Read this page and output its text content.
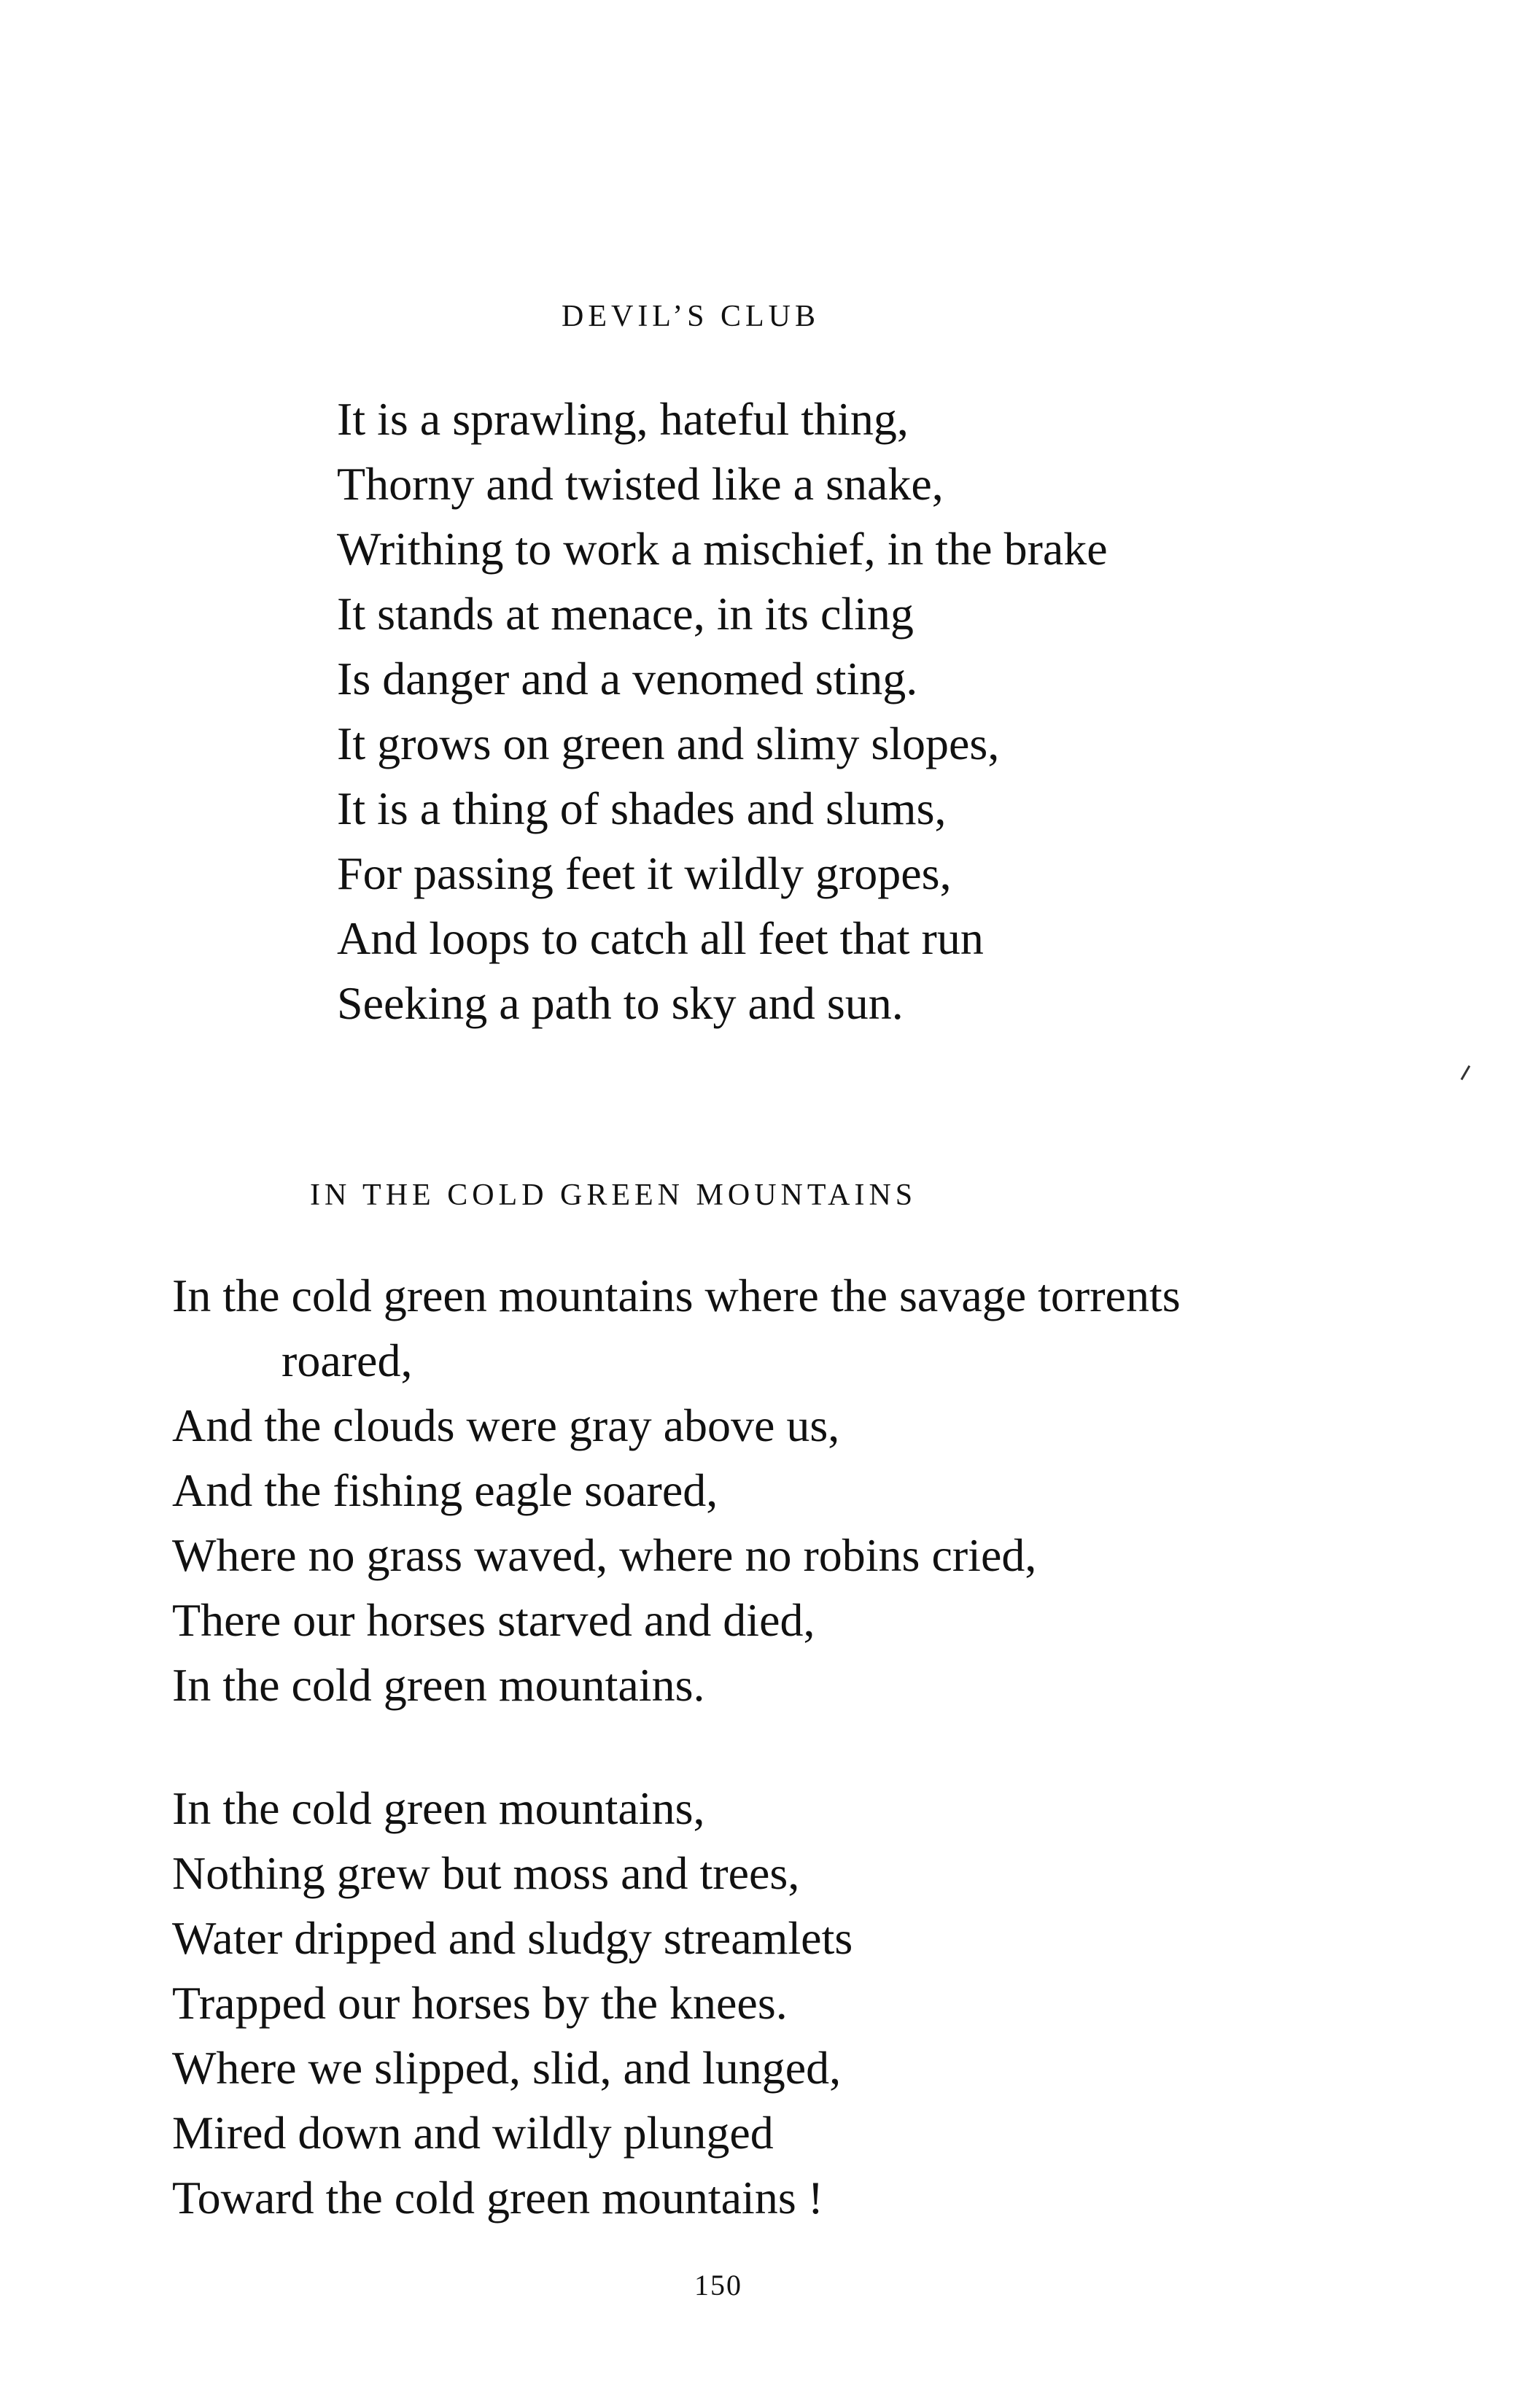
DEVIL’S CLUB
It is a sprawling, hateful thing,
Thorny and twisted like a snake,
Writhing to work a mischief, in the brake
It stands at menace, in its cling
Is danger and a venomed sting.
It grows on green and slimy slopes,
It is a thing of shades and slums,
For passing feet it wildly gropes,
And loops to catch all feet that run
Seeking a path to sky and sun.
IN THE COLD GREEN MOUNTAINS
In the cold green mountains where the savage torrents
roared,
And the clouds were gray above us,
And the fishing eagle soared,
Where no grass waved, where no robins cried,
There our horses starved and died,
In the cold green mountains.
In the cold green mountains,
Nothing grew but moss and trees,
Water dripped and sludgy streamlets
Trapped our horses by the knees.
Where we slipped, slid, and lunged,
Mired down and wildly plunged
Toward the cold green mountains !
150
